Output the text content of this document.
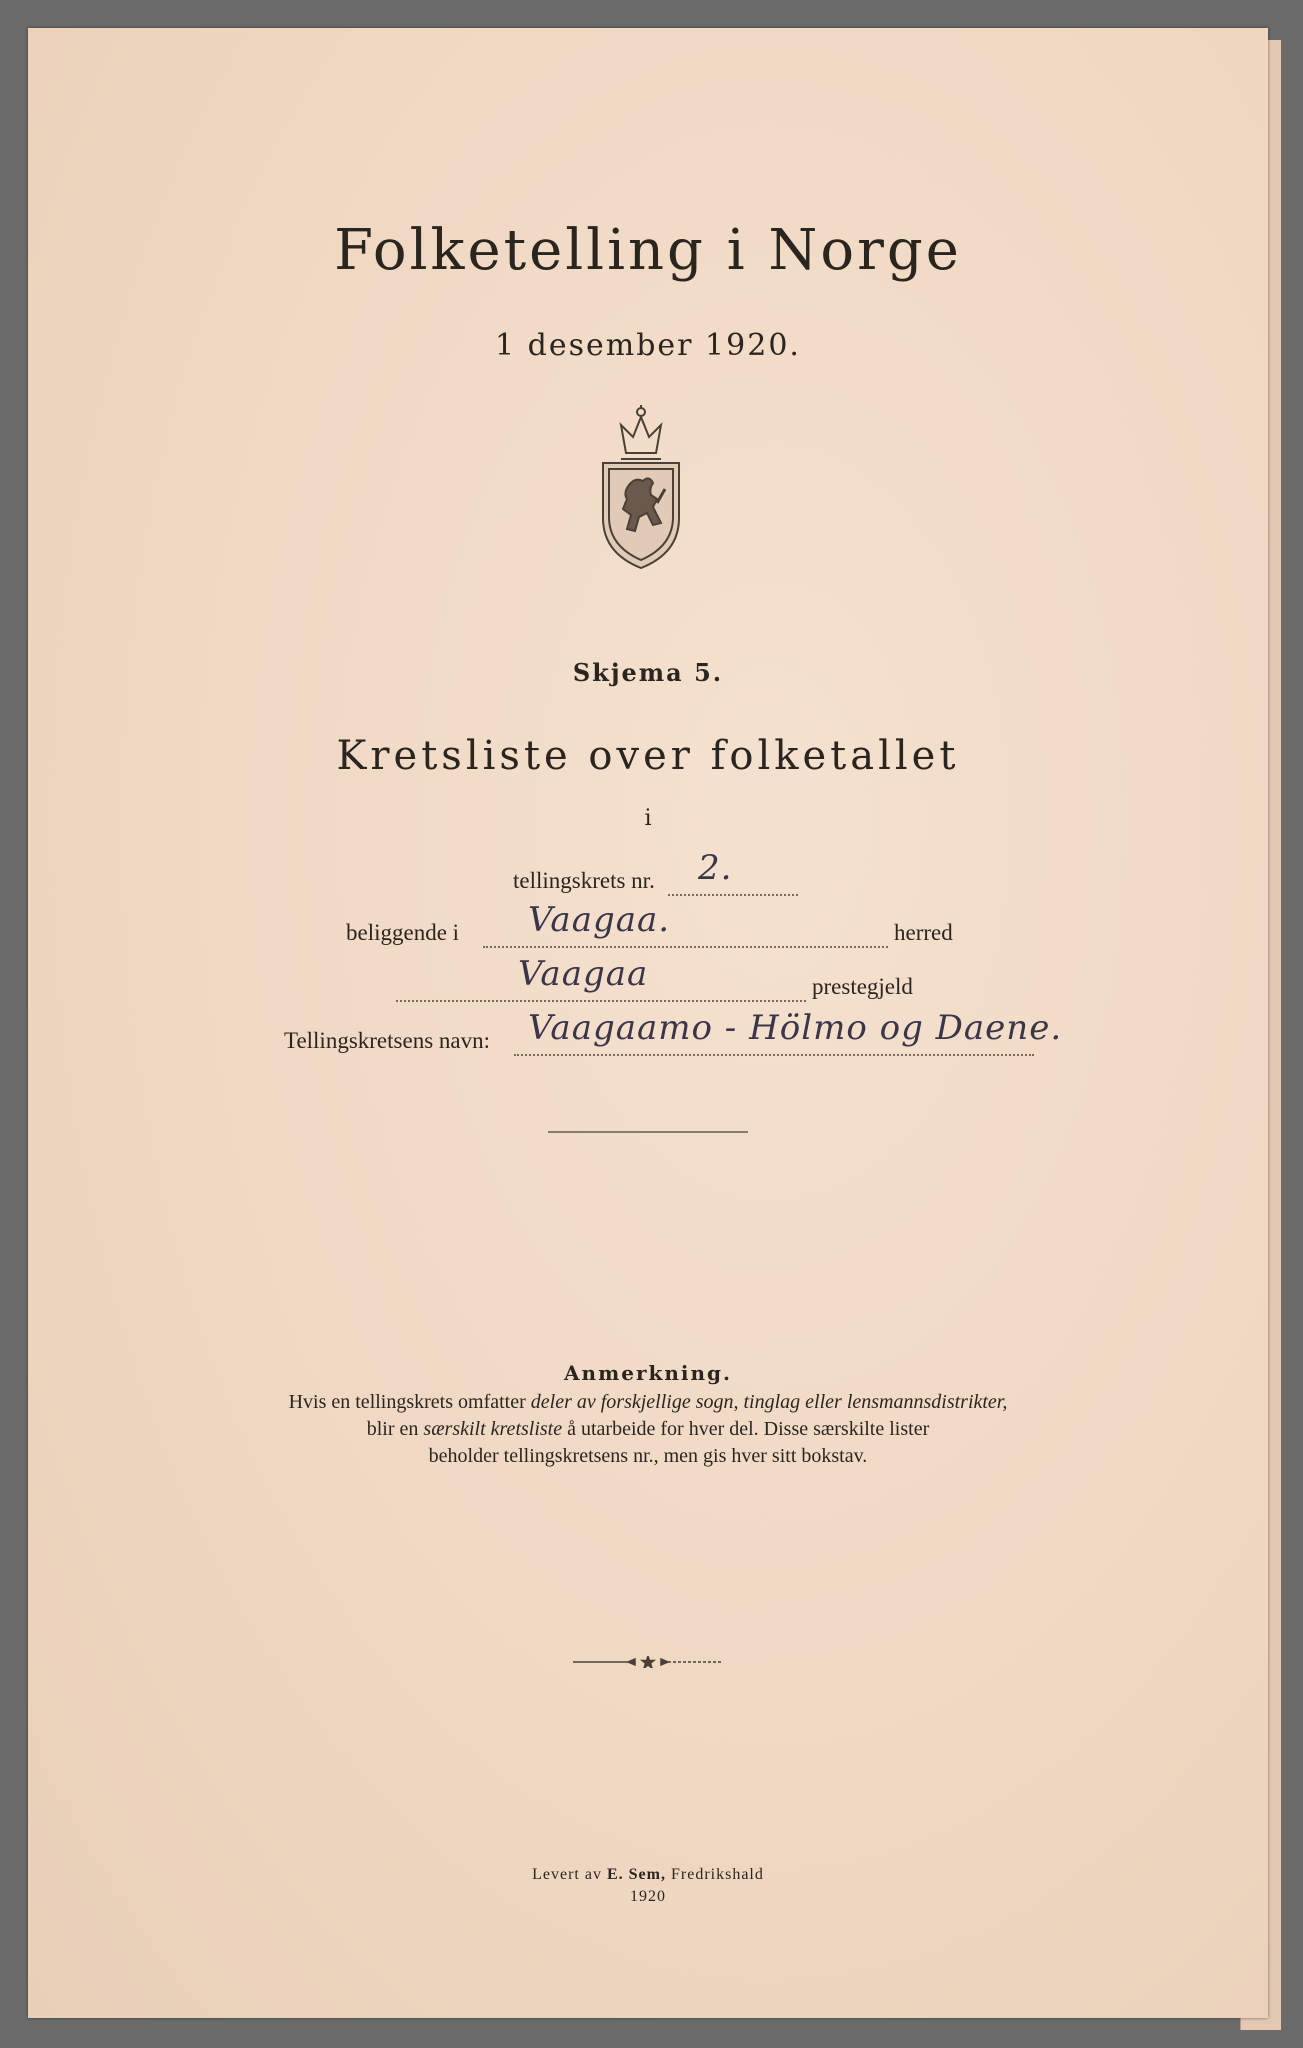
Folketelling i Norge
1 desember 1920.
Skjema 5.
Kretsliste over folketallet
i
tellingskrets nr. 2.
beliggende i Vaagaa.	herred
Vaagaa	prestegjeld
Tellingskretsens navn: Vaagaamo - Hölmo og Daene.
Anmerkning.
Hvis en tellingskrets omfatter deler av forskjellige sogn, tinglag eller lensmannsdistrikter,
blir en særskilt kretsliste å utarbeide for hver del. Disse særskilte lister
beholder tellingskretsens nr., men gis hver sitt bokstav.
Levert av E. Sem, Fredrikshald
1920
